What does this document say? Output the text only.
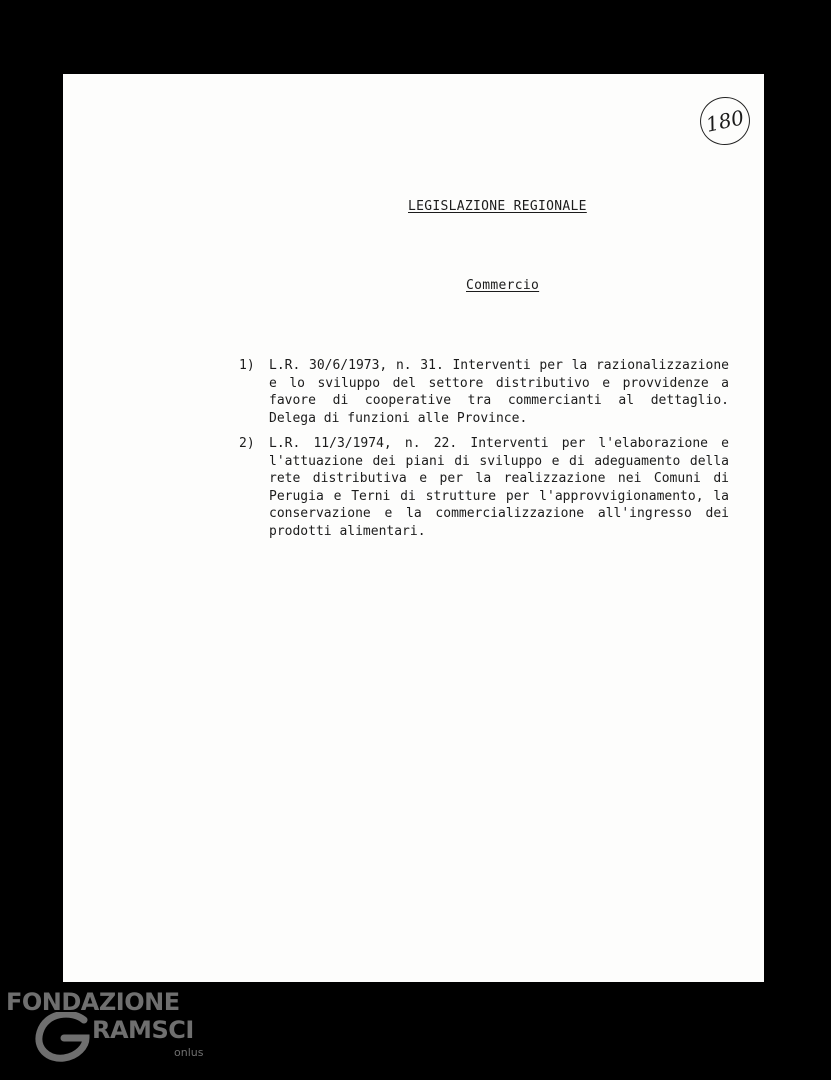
180
LEGISLAZIONE REGIONALE
Commercio
1) L.R. 30/6/1973, n. 31. Interventi per la razionalizzazione e lo sviluppo del settore distributivo e provvidenze a favore di cooperative tra commercianti al dettaglio. Delega di funzioni alle Province.
2) L.R. 11/3/1974, n. 22. Interventi per l'elaborazione e l'attuazione dei piani di sviluppo e di adeguamento della rete distributiva e per la realizzazione nei Comuni di Perugia e Terni di strutture per l'approvvigionamento, la conservazione e la commercializzazione all'ingresso dei prodotti alimentari.
FONDAZIONE
RAMSCI
onlus
